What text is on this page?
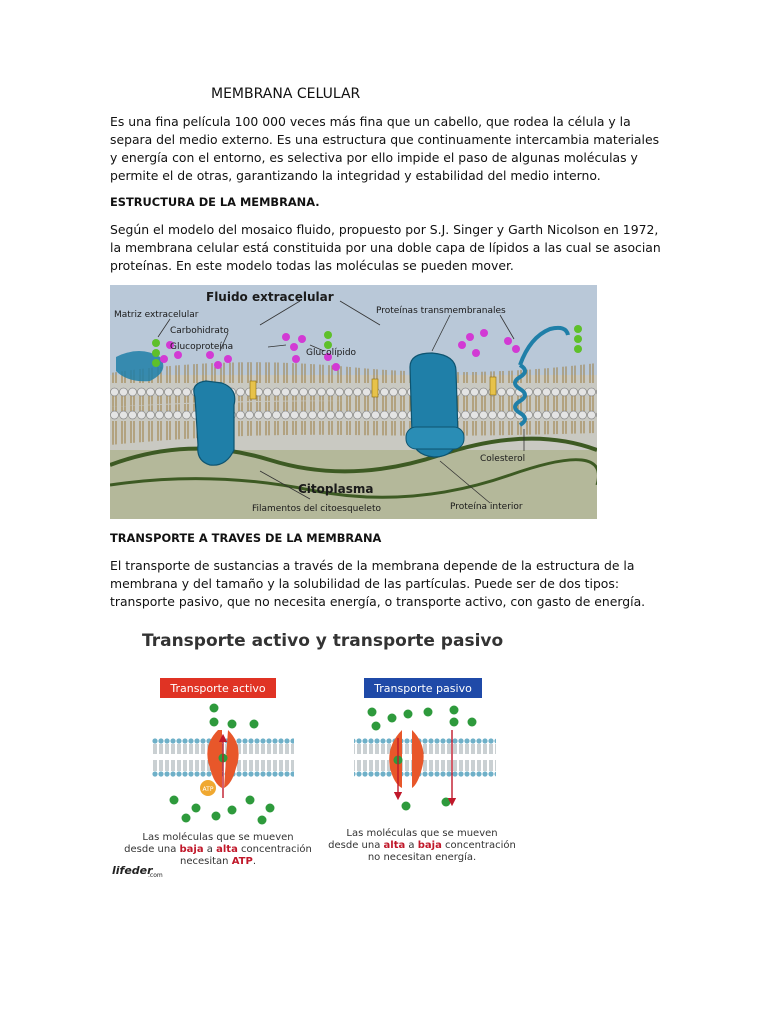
MEMBRANA CELULAR

Es una fina película 100 000 veces más fina que un cabello, que rodea la célula y la separa del medio externo. Es una estructura que continuamente intercambia materiales y energía con el entorno, es selectiva por ello impide el paso de algunas moléculas y permite el de otras, garantizando la integridad y estabilidad del medio interno.

ESTRUCTURA DE LA MEMBRANA.

Según el modelo del mosaico fluido, propuesto por S.J. Singer y Garth Nicolson en 1972, la membrana celular está constituida por una doble capa de lípidos a las cual se asocian proteínas. En este modelo todas las moléculas se pueden mover.

Fluido extracelular
Matriz extracelular
Carbohidrato
Glucoproteína
Glucolípido
Proteínas transmembranales
Colesterol
Citoplasma
Filamentos del citoesqueleto	Proteína interior
TRANSPORTE A TRAVES DE LA MEMBRANA

El transporte de sustancias a través de la membrana depende de la estructura de la membrana y del tamaño y la solubilidad de las partículas. Puede ser de dos tipos: transporte pasivo, que no necesita energía, o transporte activo, con gasto de energía.

Transporte activo y transporte pasivo
Transporte activo
ATP
Las moléculas que se mueven
desde una baja a alta concentración
necesitan ATP.
Transporte pasivo
Las moléculas que se mueven
desde una alta a baja concentración
no necesitan energía.
lifeder
.com
